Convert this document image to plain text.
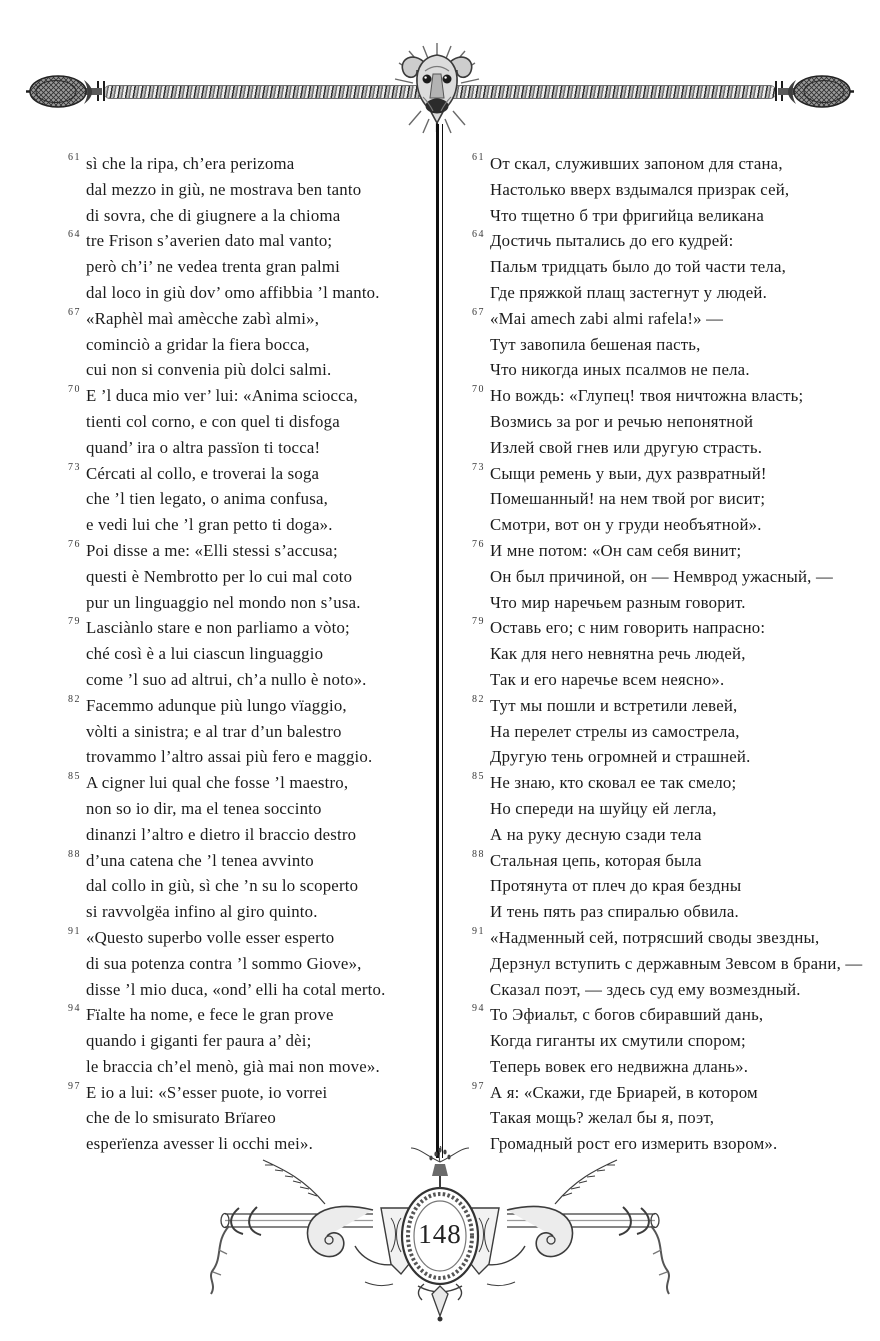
61 sì che la ripa, ch’era perizoma

dal mezzo in giù, ne mostrava ben tanto

di sovra, che di giugnere a la chioma

64 tre Frison s’averien dato mal vanto;

però ch’i’ ne vedea trenta gran palmi

dal loco in giù dov’ omo affibbia ’l manto.

67 «Raphèl maì amècche zabì almi»,

cominciò a gridar la fiera bocca,

cui non si convenia più dolci salmi.

70 E ’l duca mio ver’ lui: «Anima sciocca,

tienti col corno, e con quel ti disfoga

quand’ ira o altra passïon ti tocca!

73 Cércati al collo, e troverai la soga

che ’l tien legato, o anima confusa,

e vedi lui che ’l gran petto ti doga».

76 Poi disse a me: «Elli stessi s’accusa;

questi è Nembrotto per lo cui mal coto

pur un linguaggio nel mondo non s’usa.

79 Lasciànlo stare e non parliamo a vòto;

ché così è a lui ciascun linguaggio

come ’l suo ad altrui, ch’a nullo è noto».

82 Facemmo adunque più lungo vïaggio,

vòlti a sinistra; e al trar d’un balestro

trovammo l’altro assai più fero e maggio.

85 A cigner lui qual che fosse ’l maestro,

non so io dir, ma el tenea soccinto

dinanzi l’altro e dietro il braccio destro

88 d’una catena che ’l tenea avvinto

dal collo in giù, sì che ’n su lo scoperto

si ravvolgëa infino al giro quinto.

91 «Questo superbo volle esser esperto

di sua potenza contra ’l sommo Giove»,

disse ’l mio duca, «ond’ elli ha cotal merto.

94 Fïalte ha nome, e fece le gran prove

quando i giganti fer paura a’ dèi;

le braccia ch’el menò, già mai non move».

97 E io a lui: «S’esser puote, io vorrei

che de lo smisurato Brïareo

esperïenza avesser li occhi mei».

61 От скал, служивших запоном для стана,

Настолько вверх вздымался призрак сей,

Что тщетно б три фригийца великана

64 Достичь пытались до его кудрей:

Пальм тридцать было до той части тела,

Где пряжкой плащ застегнут у людей.

67 «Mai amech zabi almi rafela!» —

Тут завопила бешеная пасть,

Что никогда иных псалмов не пела.

70 Но вождь: «Глупец! твоя ничтожна власть;

Возмись за рог и речью непонятной

Излей свой гнев или другую страсть.

73 Сыщи ремень у выи, дух развратный!

Помешанный! на нем твой рог висит;

Смотри, вот он у груди необъятной».

76 И мне потом: «Он сам себя винит;

Он был причиной, он — Немврод ужасный, —

Что мир наречьем разным говорит.

79 Оставь его; с ним говорить напрасно:

Как для него невнятна речь людей,

Так и его наречье всем неясно».

82 Тут мы пошли и встретили левей,

На перелет стрелы из самострела,

Другую тень огромней и страшней.

85 Не знаю, кто сковал ее так смело;

Но спереди на шуйцу ей легла,

А на руку десную сзади тела

88 Стальная цепь, которая была

Протянута от плеч до края бездны

И тень пять раз спиралью обвила.

91 «Надменный сей, потрясший своды звездны,

Дерзнул вступить с державным Зевсом в брани, —

Сказал поэт, — здесь суд ему возмездный.

94 То Эфиальт, с богов сбиравший дань,

Когда гиганты их смутили спором;

Теперь вовек его недвижна длань».

97 А я: «Скажи, где Бриарей, в котором

Такая мощь? желал бы я, поэт,

Громадный рост его измерить взором».

148
